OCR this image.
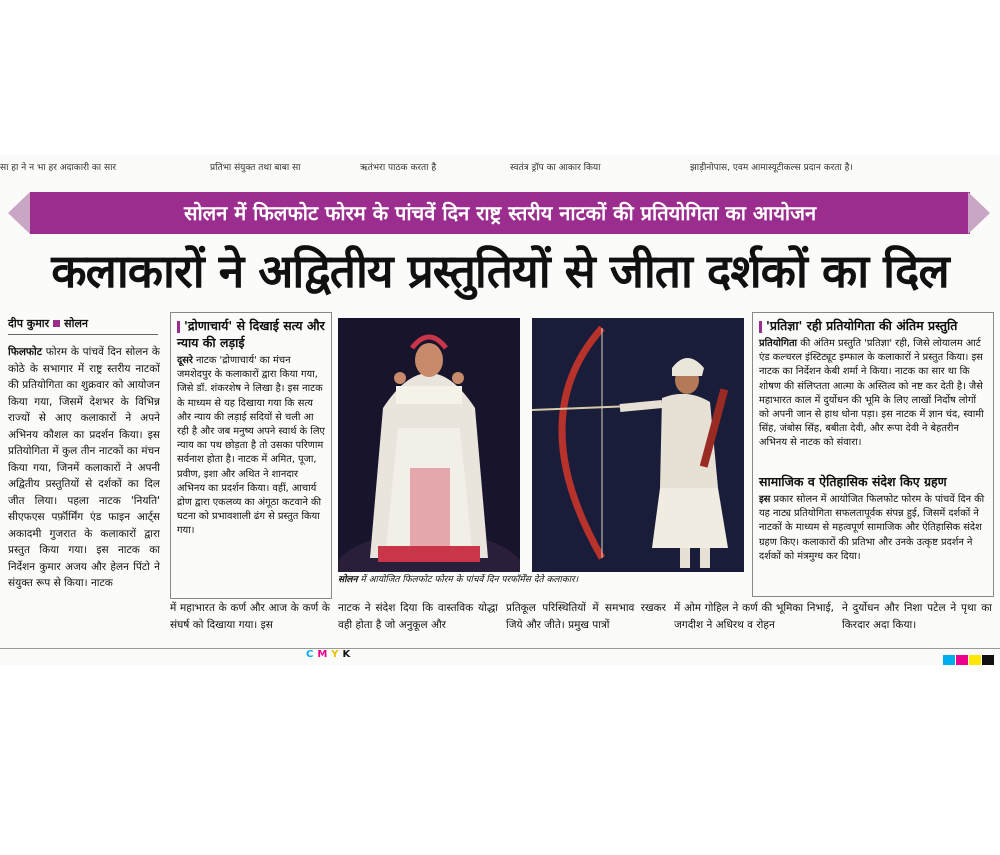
सा हा ने न भा हर अदाकारी का सार	प्रतिभा संयुक्त तथा बाबा सा	ऋतंभरा पाठक करता है	स्वतंत्र ड्रॉप का आकार किया	झाड़ीनोपास, एवम आमास्यूटीकल्स प्रदान करता है।
सोलन में फिलफोट फोरम के पांचवें दिन राष्ट्र स्तरीय नाटकों की प्रतियोगिता का आयोजन
कलाकारों ने अद्वितीय प्रस्तुतियों से जीता दर्शकों का दिल
दीप कुमार सोलन
फिलफोट फोरम के पांचवें दिन सोलन के कोठे के सभागार में राष्ट्र स्तरीय नाटकों की प्रतियोगिता का शुक्रवार को आयोजन किया गया, जिसमें देशभर के विभिन्न राज्यों से आए कलाकारों ने अपने अभिनय कौशल का प्रदर्शन किया। इस प्रतियोगिता में कुल तीन नाटकों का मंचन किया गया, जिनमें कलाकारों ने अपनी अद्वितीय प्रस्तुतियों से दर्शकों का दिल जीत लिया। पहला नाटक 'नियति' सीएफएस पर्फ़ॉर्मिंग एंड फाइन आर्ट्स अकादमी गुजरात के कलाकारों द्वारा प्रस्तुत किया गया। इस नाटक का निर्देशन कुमार अजय और हेलन पिंटो ने संयुक्त रूप से किया। नाटक
'द्रोणाचार्य' से दिखाई सत्य और न्याय की लड़ाई
दूसरे नाटक 'द्रोणाचार्य' का मंचन जमशेदपुर के कलाकारों द्वारा किया गया, जिसे डॉ. शंकरशेष ने लिखा है। इस नाटक के माध्यम से यह दिखाया गया कि सत्य और न्याय की लड़ाई सदियों से चली आ रही है और जब मनुष्य अपने स्वार्थ के लिए न्याय का पथ छोड़ता है तो उसका परिणाम सर्वनाश होता है। नाटक में अमित, पूजा, प्रवीण, इशा और अथित ने शानदार अभिनय का प्रदर्शन किया। वहीं, आचार्य द्रोण द्वारा एकलव्य का अंगूठा कटवाने की घटना को प्रभावशाली ढंग से प्रस्तुत किया गया।
सोलन में आयोजित फिलफोट फोरम के पांचवें दिन परफॉर्मेंस देते कलाकार।
'प्रतिज्ञा' रही प्रतियोगिता की अंतिम प्रस्तुति
प्रतियोगिता की अंतिम प्रस्तुति 'प्रतिज्ञा' रही, जिसे लोयालम आर्ट एंड कल्चरल इंस्टिट्यूट इम्फाल के कलाकारों ने प्रस्तुत किया। इस नाटक का निर्देशन केबी शर्मा ने किया। नाटक का सार था कि शोषण की संलिप्तता आत्मा के अस्तित्व को नष्ट कर देती है। जैसे महाभारत काल में दुर्योधन की भूमि के लिए लाखों निर्दोष लोगों को अपनी जान से हाथ धोना पड़ा। इस नाटक में ज्ञान चंद, स्वामी सिंह, जंबोस सिंह, बबीता देवी, और रूपा देवी ने बेहतरीन अभिनय से नाटक को संवारा।
सामाजिक व ऐतिहासिक संदेश किए ग्रहण
इस प्रकार सोलन में आयोजित फिलफोट फोरम के पांचवें दिन की यह नाट्य प्रतियोगिता सफलतापूर्वक संपन्न हुई, जिसमें दर्शकों ने नाटकों के माध्यम से महत्वपूर्ण सामाजिक और ऐतिहासिक संदेश ग्रहण किए। कलाकारों की प्रतिभा और उनके उत्कृष्ट प्रदर्शन ने दर्शकों को मंत्रमुग्ध कर दिया।
में महाभारत के कर्ण और आज के कर्ण के संघर्ष को दिखाया गया। इस
नाटक ने संदेश दिया कि वास्तविक योद्धा वही होता है जो अनुकूल और
प्रतिकूल परिस्थितियों में समभाव रखकर जिये और जीते। प्रमुख पात्रों
में ओम गोहिल ने कर्ण की भूमिका निभाई, जगदीश ने अधिरथ व रोहन
ने दुर्योधन और निशा पटेल ने पृथा का किरदार अदा किया।
CMYK
